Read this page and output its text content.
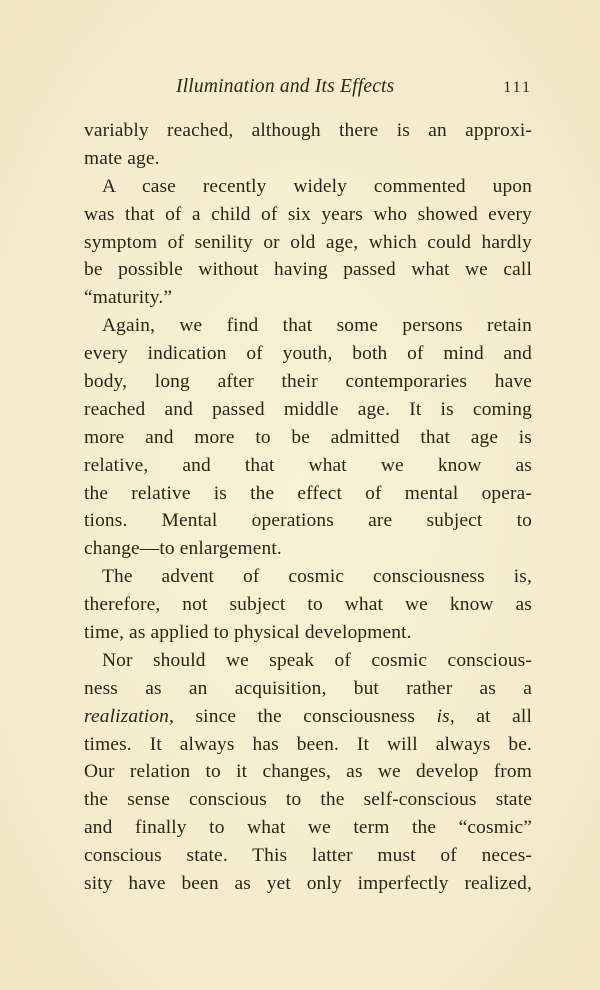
Illumination and Its Effects	111
variably reached, although there is an approxi-
mate age.
A case recently widely commented upon
was that of a child of six years who showed every
symptom of senility or old age, which could hardly
be possible without having passed what we call
“maturity.”
Again, we find that some persons retain
every indication of youth, both of mind and
body, long after their contemporaries have
reached and passed middle age. It is coming
more and more to be admitted that age is
relative, and that what we know as
the relative is the effect of mental opera-
tions. Mental operations are subject to
change—to enlargement.
The advent of cosmic consciousness is,
therefore, not subject to what we know as
time, as applied to physical development.
Nor should we speak of cosmic conscious-
ness as an acquisition, but rather as a
realization, since the consciousness is, at all
times. It always has been. It will always be.
Our relation to it changes, as we develop from
the sense conscious to the self-conscious state
and finally to what we term the “cosmic”
conscious state. This latter must of neces-
sity have been as yet only imperfectly realized,
